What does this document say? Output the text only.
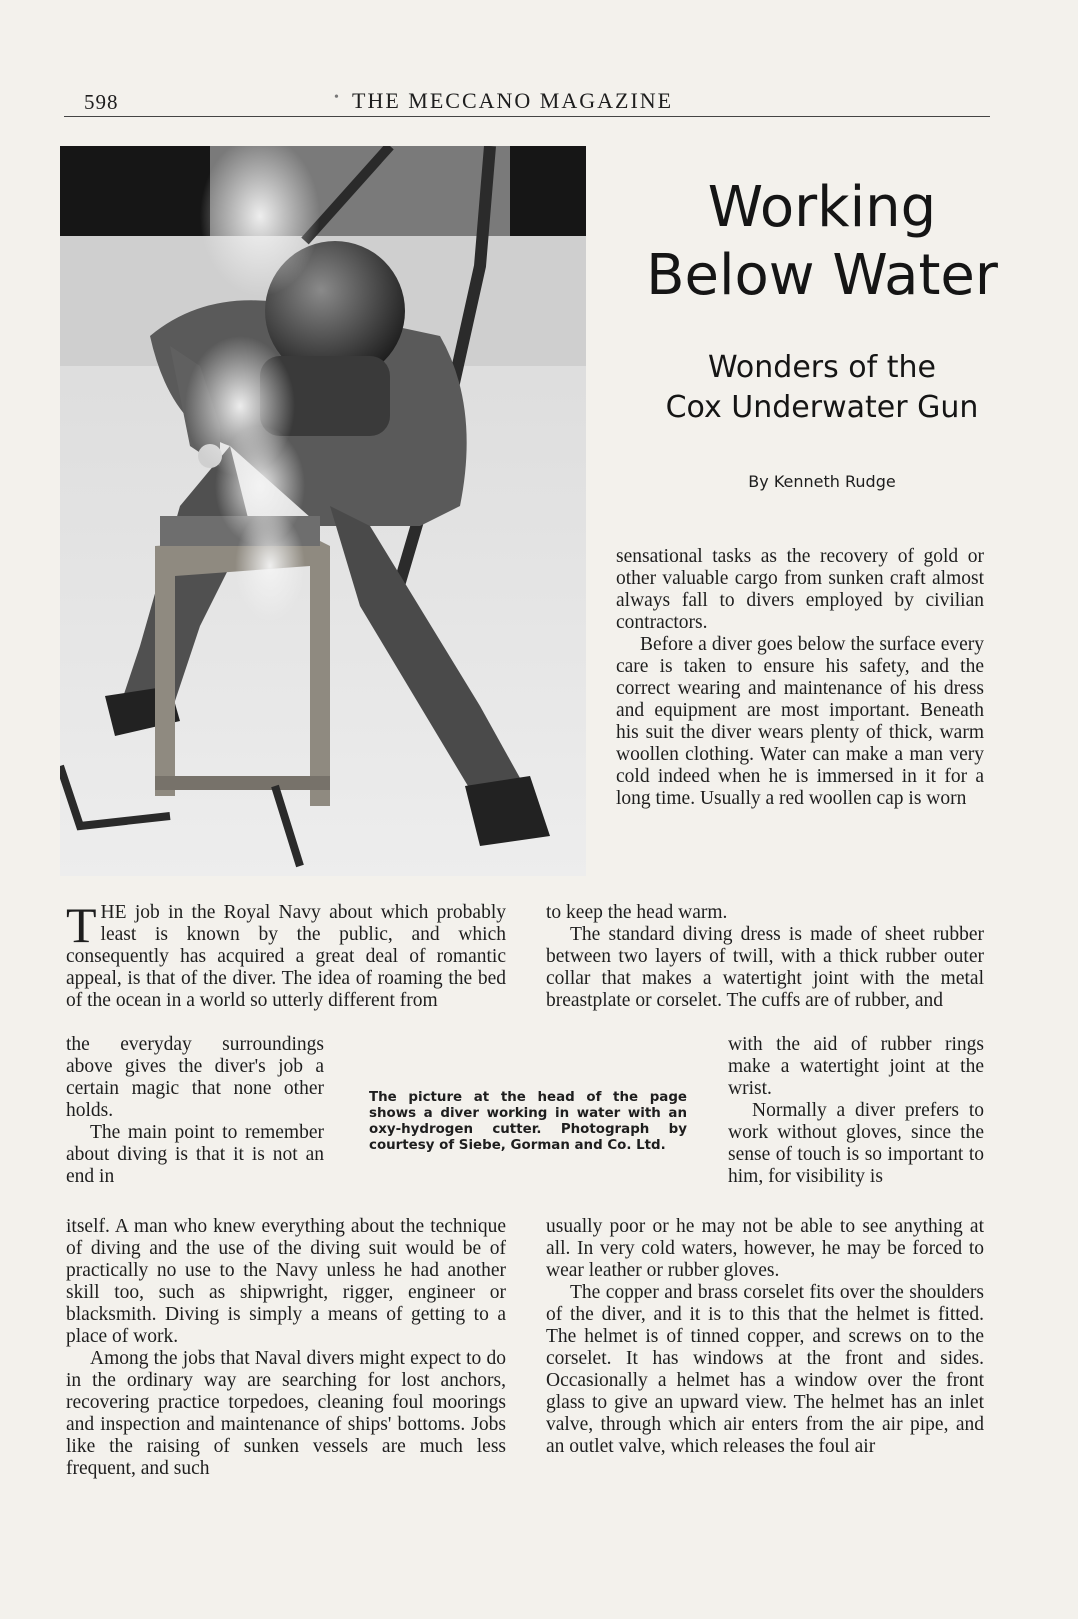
598	• THE MECCANO MAGAZINE
Working
Below Water
Wonders of the
Cox Underwater Gun
By Kenneth Rudge

sensational tasks as the recovery of gold or other valuable cargo from sunken craft almost always fall to divers employed by civilian contractors.

Before a diver goes below the surface every care is taken to ensure his safety, and the correct wearing and maintenance of his dress and equipment are most important. Beneath his suit the diver wears plenty of thick, warm woollen clothing. Water can make a man very cold indeed when he is immersed in it for a long time. Usually a red woollen cap is worn

THE job in the Royal Navy about which probably least is known by the public, and which consequently has acquired a great deal of romantic appeal, is that of the diver. The idea of roaming the bed of the ocean in a world so utterly different from

the everyday surroundings above gives the diver's job a certain magic that none other holds.

The main point to remember about diving is that it is not an end in

itself. A man who knew everything about the technique of diving and the use of the diving suit would be of practically no use to the Navy unless he had another skill too, such as shipwright, rigger, engineer or blacksmith. Diving is simply a means of getting to a place of work.

Among the jobs that Naval divers might expect to do in the ordinary way are searching for lost anchors, recovering practice torpedoes, cleaning foul moorings and inspection and maintenance of ships' bottoms. Jobs like the raising of sunken vessels are much less frequent, and such

The picture at the head of the page shows a diver working in water with an oxy-hydrogen cutter. Photograph by courtesy of Siebe, Gorman and Co. Ltd.

to keep the head warm.

The standard diving dress is made of sheet rubber between two layers of twill, with a thick rubber outer collar that makes a watertight joint with the metal breastplate or corselet. The cuffs are of rubber, and

with the aid of rubber rings make a watertight joint at the wrist.

Normally a diver prefers to work without gloves, since the sense of touch is so important to him, for visibility is

usually poor or he may not be able to see anything at all. In very cold waters, however, he may be forced to wear leather or rubber gloves.

The copper and brass corselet fits over the shoulders of the diver, and it is to this that the helmet is fitted. The helmet is of tinned copper, and screws on to the corselet. It has windows at the front and sides. Occasionally a helmet has a window over the front glass to give an upward view. The helmet has an inlet valve, through which air enters from the air pipe, and an outlet valve, which releases the foul air
